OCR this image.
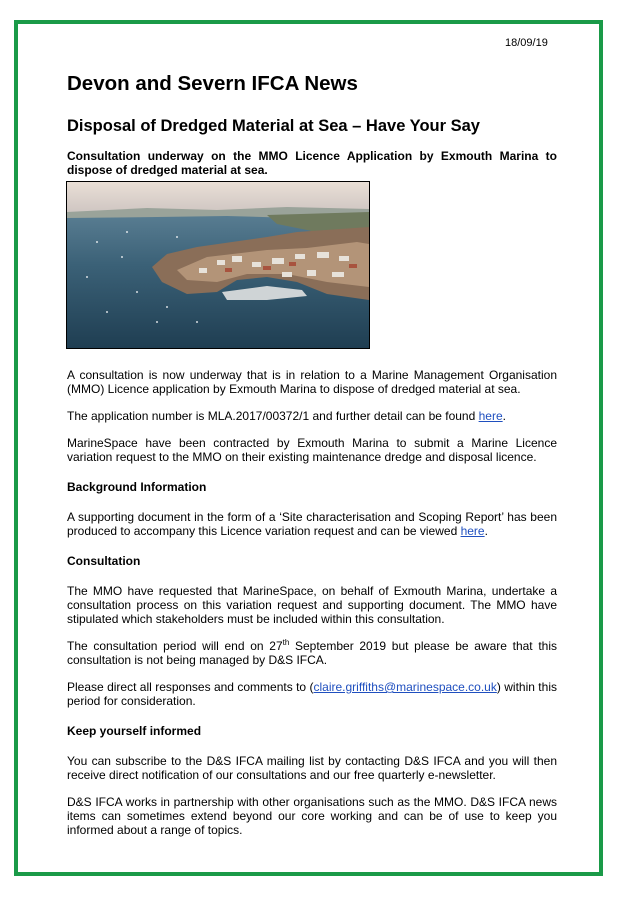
18/09/19
Devon and Severn IFCA News
Disposal of Dredged Material at Sea – Have Your Say

Consultation underway on the MMO Licence Application by Exmouth Marina to dispose of dredged material at sea.

A consultation is now underway that is in relation to a Marine Management Organisation (MMO) Licence application by Exmouth Marina to dispose of dredged material at sea.

The application number is MLA.2017/00372/1 and further detail can be found here.

MarineSpace have been contracted by Exmouth Marina to submit a Marine Licence variation request to the MMO on their existing maintenance dredge and disposal licence.

Background Information

A supporting document in the form of a ‘Site characterisation and Scoping Report’ has been produced to accompany this Licence variation request and can be viewed here.

Consultation

The MMO have requested that MarineSpace, on behalf of Exmouth Marina, undertake a consultation process on this variation request and supporting document. The MMO have stipulated which stakeholders must be included within this consultation.

The consultation period will end on 27th September 2019 but please be aware that this consultation is not being managed by D&S IFCA.

Please direct all responses and comments to (claire.griffiths@marinespace.co.uk) within this period for consideration.

Keep yourself informed

You can subscribe to the D&S IFCA mailing list by contacting D&S IFCA and you will then receive direct notification of our consultations and our free quarterly e-newsletter.

D&S IFCA works in partnership with other organisations such as the MMO. D&S IFCA news items can sometimes extend beyond our core working and can be of use to keep you informed about a range of topics.
